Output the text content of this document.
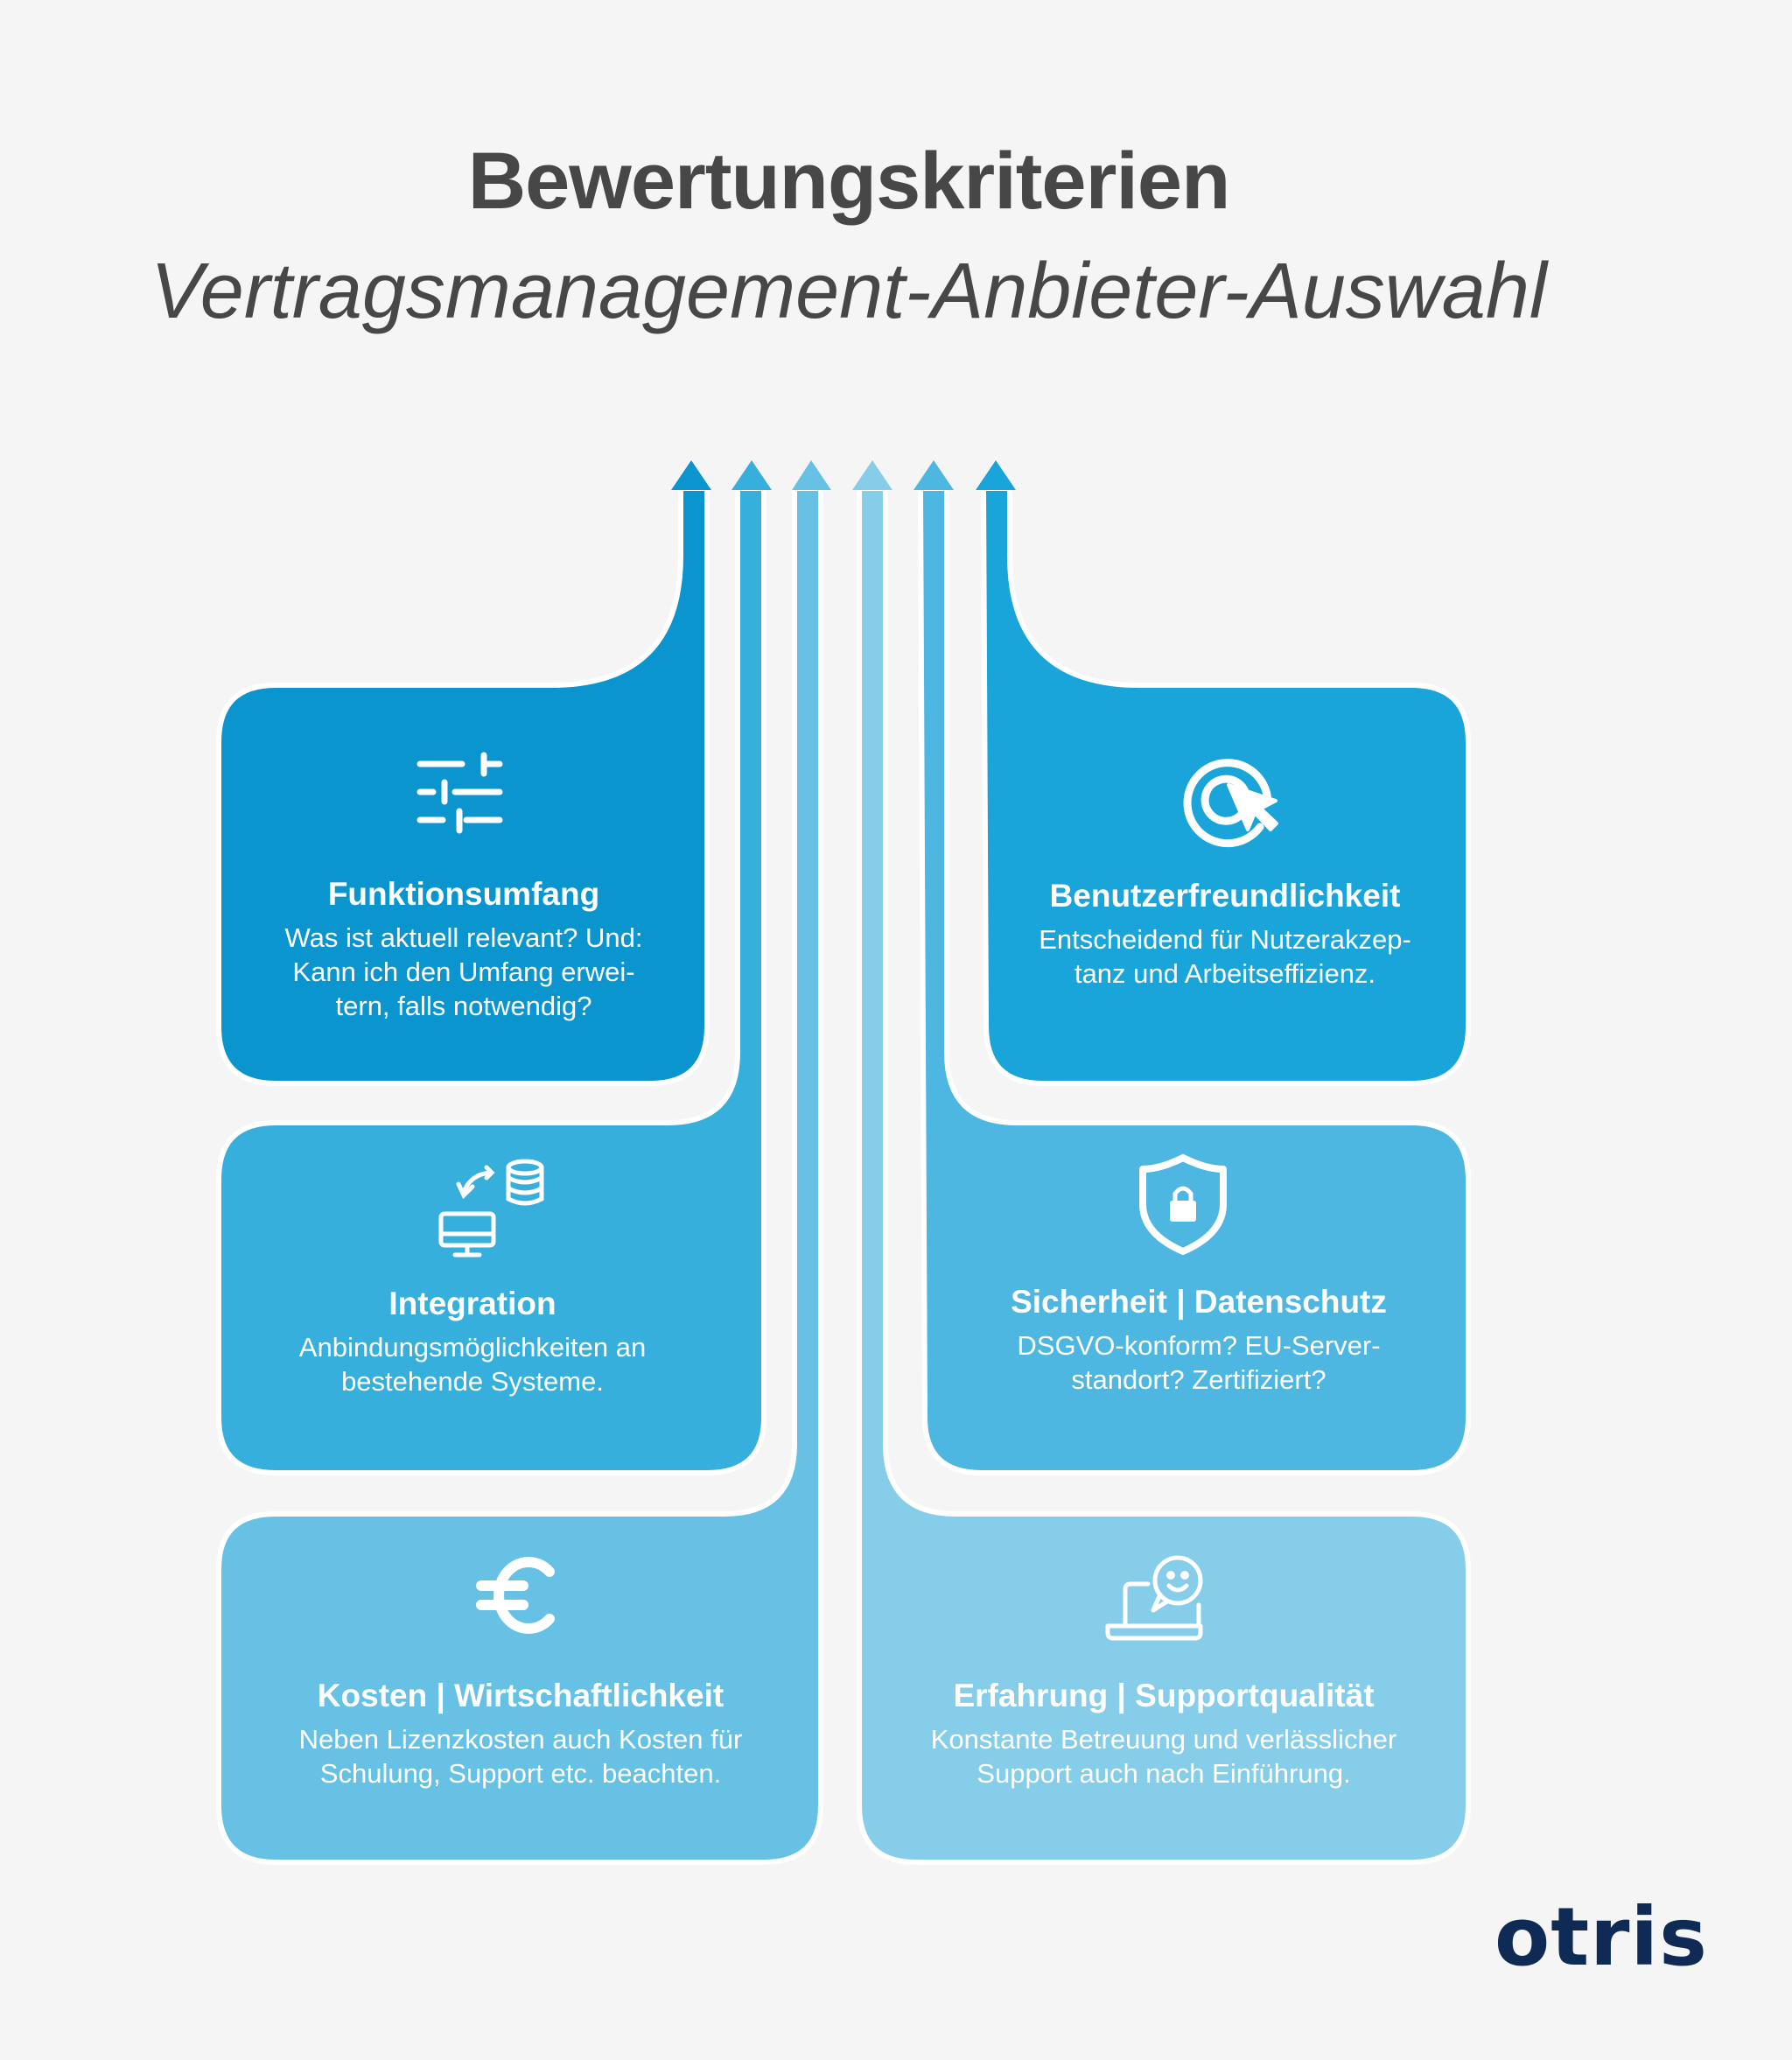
Bewertungskriterien
Vertragsmanagement-Anbieter-Auswahl
Funktionsumfang
Was ist aktuell relevant? Und:
Kann ich den Umfang erwei-
tern, falls notwendig?
Benutzerfreundlichkeit
Entscheidend für Nutzerakzep-
tanz und Arbeitseffizienz.
Integration
Anbindungsmöglichkeiten an
bestehende Systeme.
Sicherheit | Datenschutz
DSGVO-konform? EU-Server-
standort? Zertifiziert?
Kosten | Wirtschaftlichkeit
Neben Lizenzkosten auch Kosten für
Schulung, Support etc. beachten.
Erfahrung | Supportqualität
Konstante Betreuung und verlässlicher
Support auch nach Einführung.
otris
